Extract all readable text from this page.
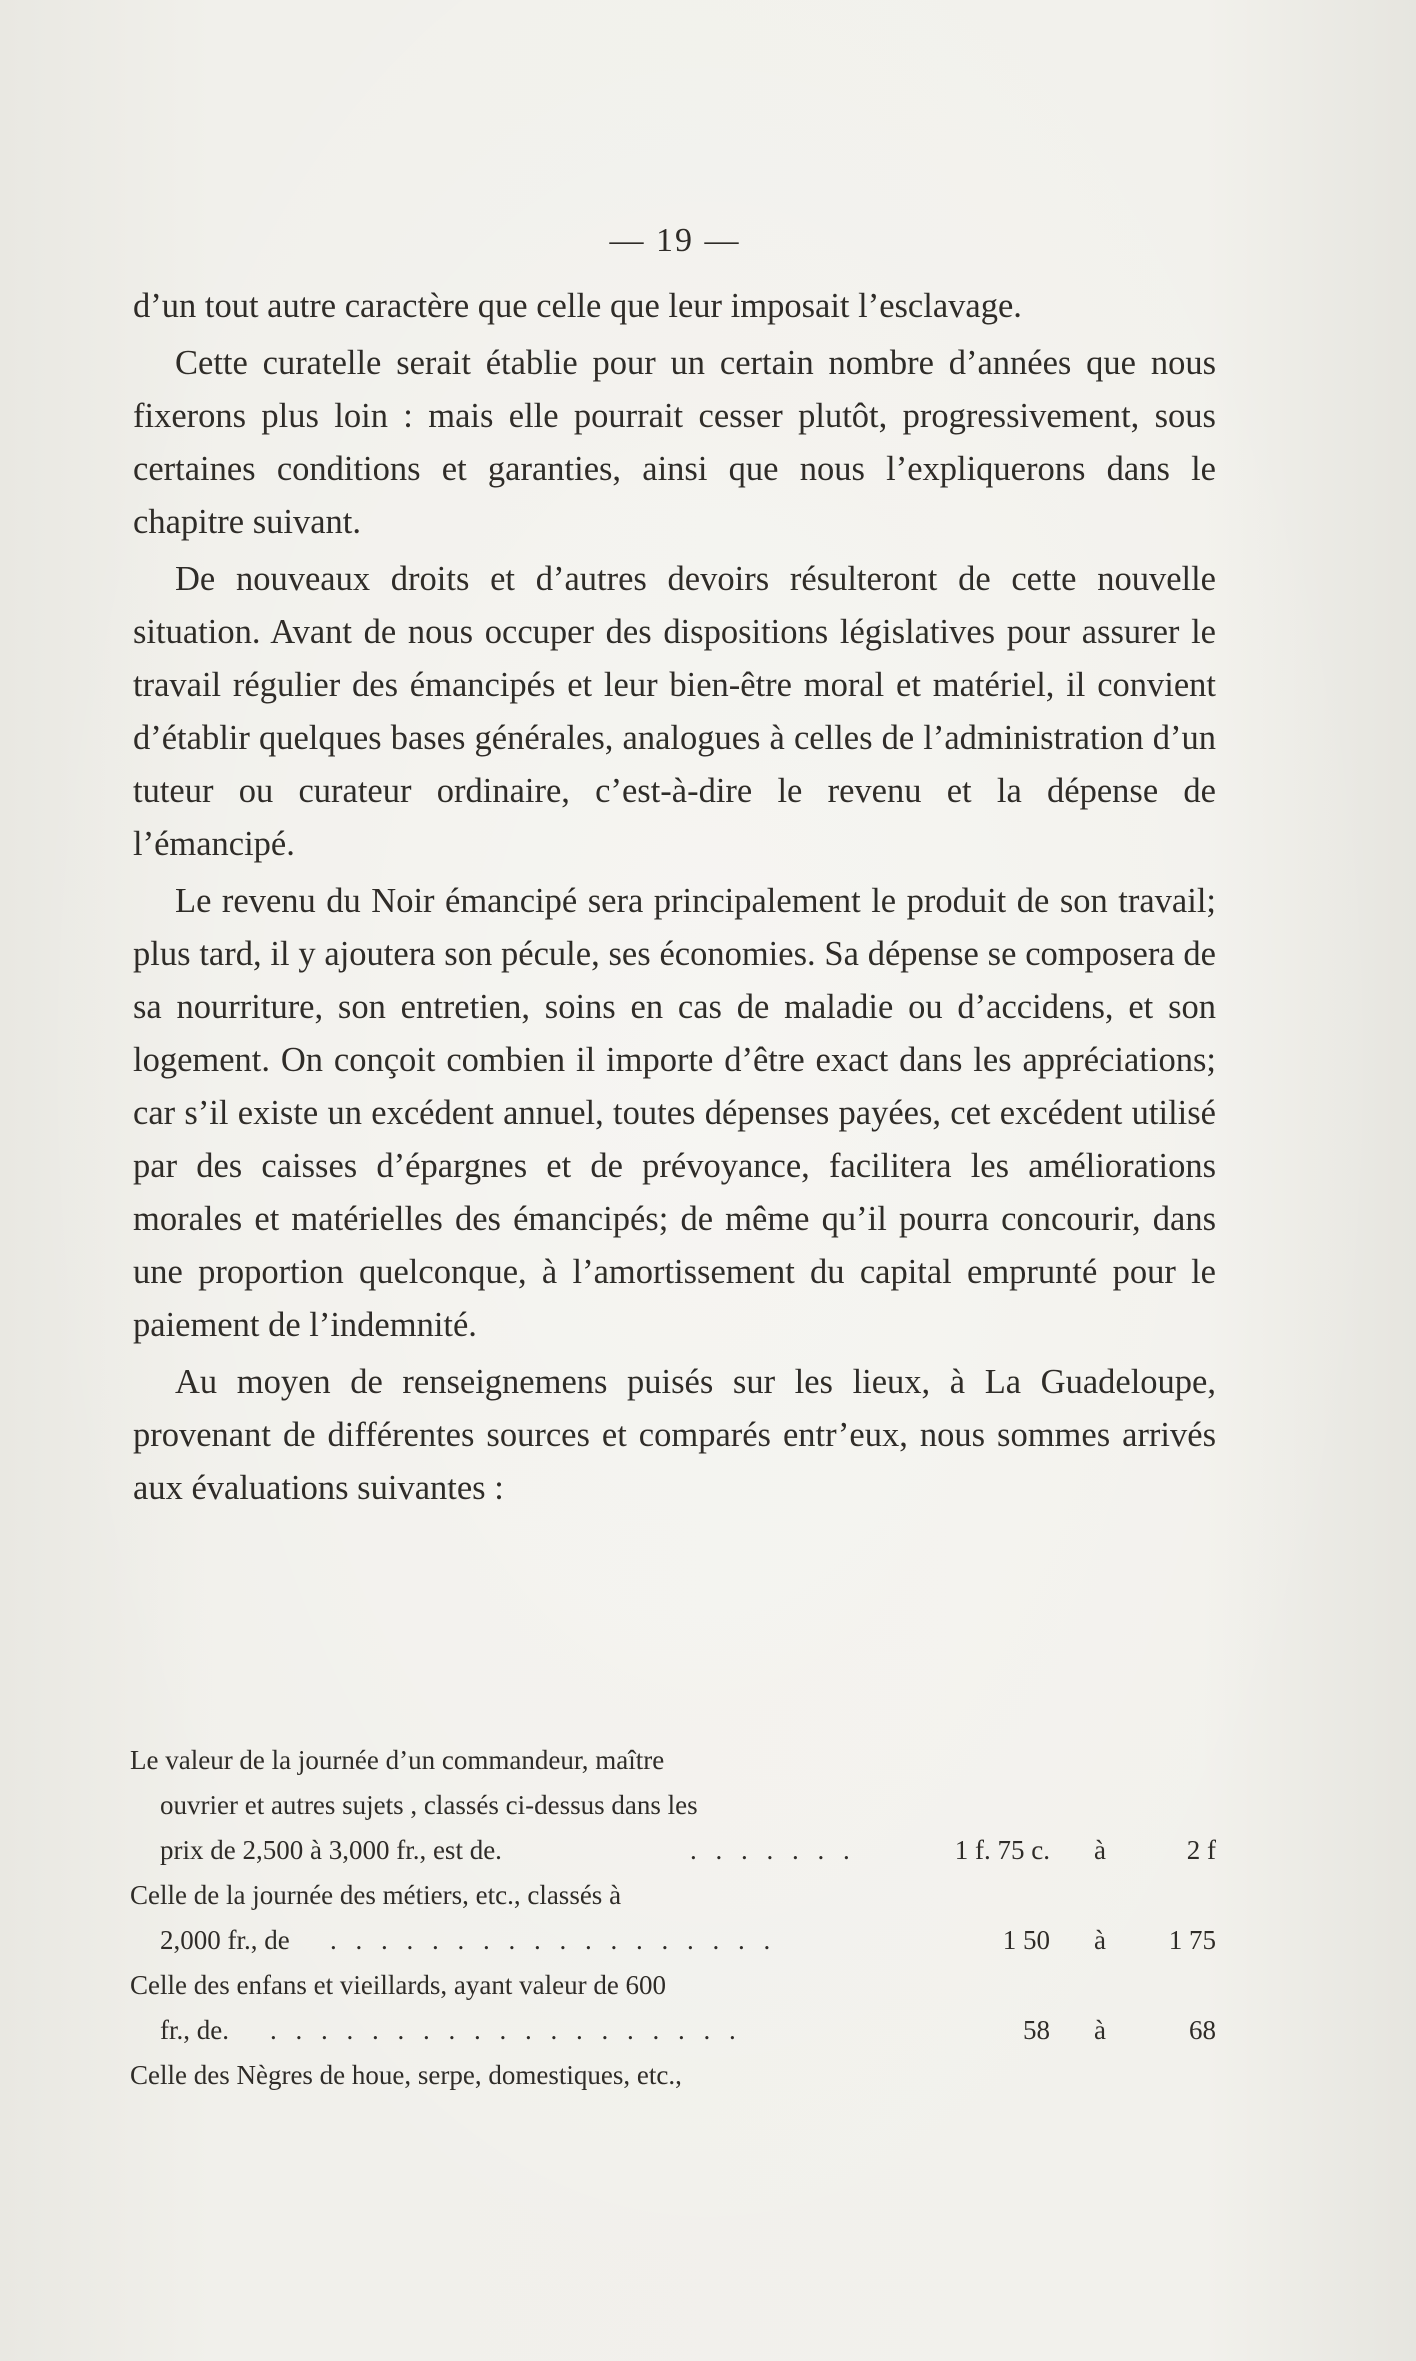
— 19 —

d’un tout autre caractère que celle que leur imposait l’esclavage.

Cette curatelle serait établie pour un certain nombre d’années que nous fixerons plus loin : mais elle pourrait cesser plutôt, progressivement, sous certaines conditions et garanties, ainsi que nous l’expliquerons dans le chapitre suivant.

De nouveaux droits et d’autres devoirs résulteront de cette nouvelle situation. Avant de nous occuper des dispositions législatives pour assurer le travail régulier des émancipés et leur bien-être moral et matériel, il convient d’établir quelques bases générales, analogues à celles de l’administration d’un tuteur ou curateur ordinaire, c’est-à-dire le revenu et la dépense de l’émancipé.

Le revenu du Noir émancipé sera principalement le produit de son travail; plus tard, il y ajoutera son pécule, ses économies. Sa dépense se composera de sa nourriture, son entretien, soins en cas de maladie ou d’accidens, et son logement. On conçoit combien il importe d’être exact dans les appréciations; car s’il existe un excédent annuel, toutes dépenses payées, cet excédent utilisé par des caisses d’épargnes et de prévoyance, facilitera les améliorations morales et matérielles des émancipés; de même qu’il pourra concourir, dans une proportion quelconque, à l’amortissement du capital emprunté pour le paiement de l’indemnité.

Au moyen de renseignemens puisés sur les lieux, à La Guadeloupe, provenant de différentes sources et comparés entr’eux, nous sommes arrivés aux évaluations suivantes :

Le valeur de la journée d’un commandeur, maître
ouvrier et autres sujets , classés ci-dessus dans les
prix de 2,500 à 3,000 fr., est de.	. . . . . . .	1 f. 75 c.	à	2 f
Celle de la journée des métiers, etc., classés à
2,000 fr., de . . . . . . . . . . . . . . . . . .	1 50	à	1 75
Celle des enfans et vieillards, ayant valeur de 600
fr., de. . . . . . . . . . . . . . . . . . . .	58	à	68
Celle des Nègres de houe, serpe, domestiques, etc.,
